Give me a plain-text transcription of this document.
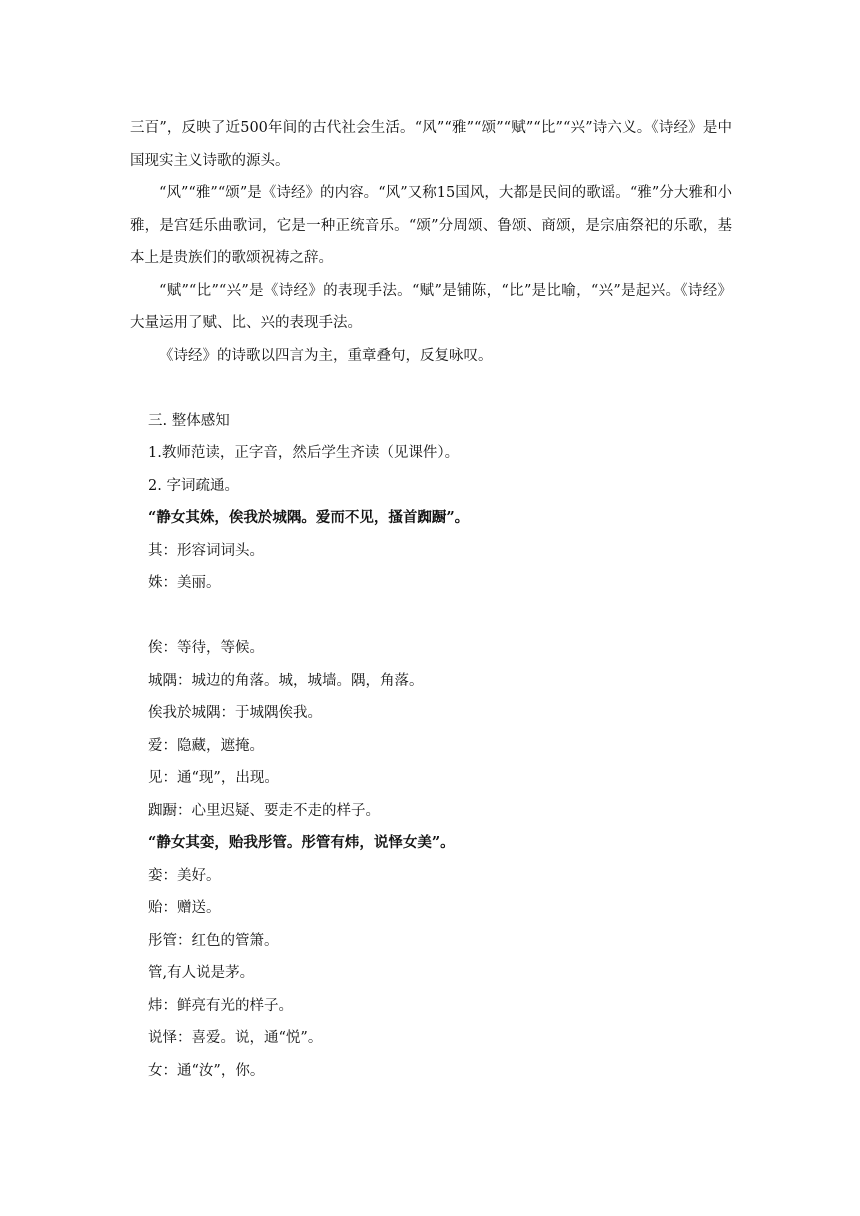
三百”，反映了近500年间的古代社会生活。“风”“雅”“颂”“赋”“比”“兴”诗六义。《诗经》是中国现实主义诗歌的源头。

“风”“雅”“颂”是《诗经》的内容。“风”又称15国风，大都是民间的歌谣。“雅”分大雅和小雅，是宫廷乐曲歌词，它是一种正统音乐。“颂”分周颂、鲁颂、商颂，是宗庙祭祀的乐歌，基本上是贵族们的歌颂祝祷之辞。

“赋”“比”“兴”是《诗经》的表现手法。“赋”是铺陈，“比”是比喻，“兴”是起兴。《诗经》大量运用了赋、比、兴的表现手法。

《诗经》的诗歌以四言为主，重章叠句，反复咏叹。

三. 整体感知

1.教师范读，正字音，然后学生齐读（见课件）。

2. 字词疏通。

“静女其姝，俟我於城隅。爱而不见，搔首踟蹰”。

其：形容词词头。

姝：美丽。

俟：等待，等候。

城隅：城边的角落。城，城墙。隅，角落。

俟我於城隅：于城隅俟我。

爱：隐藏，遮掩。

见：通“现”，出现。

踟蹰：心里迟疑、要走不走的样子。

“静女其娈，贻我彤管。彤管有炜，说怿女美”。

娈：美好。

贻：赠送。

彤管：红色的管箫。

管,有人说是茅。

炜：鲜亮有光的样子。

说怿：喜爱。说，通“悦”。

女：通“汝”，你。
